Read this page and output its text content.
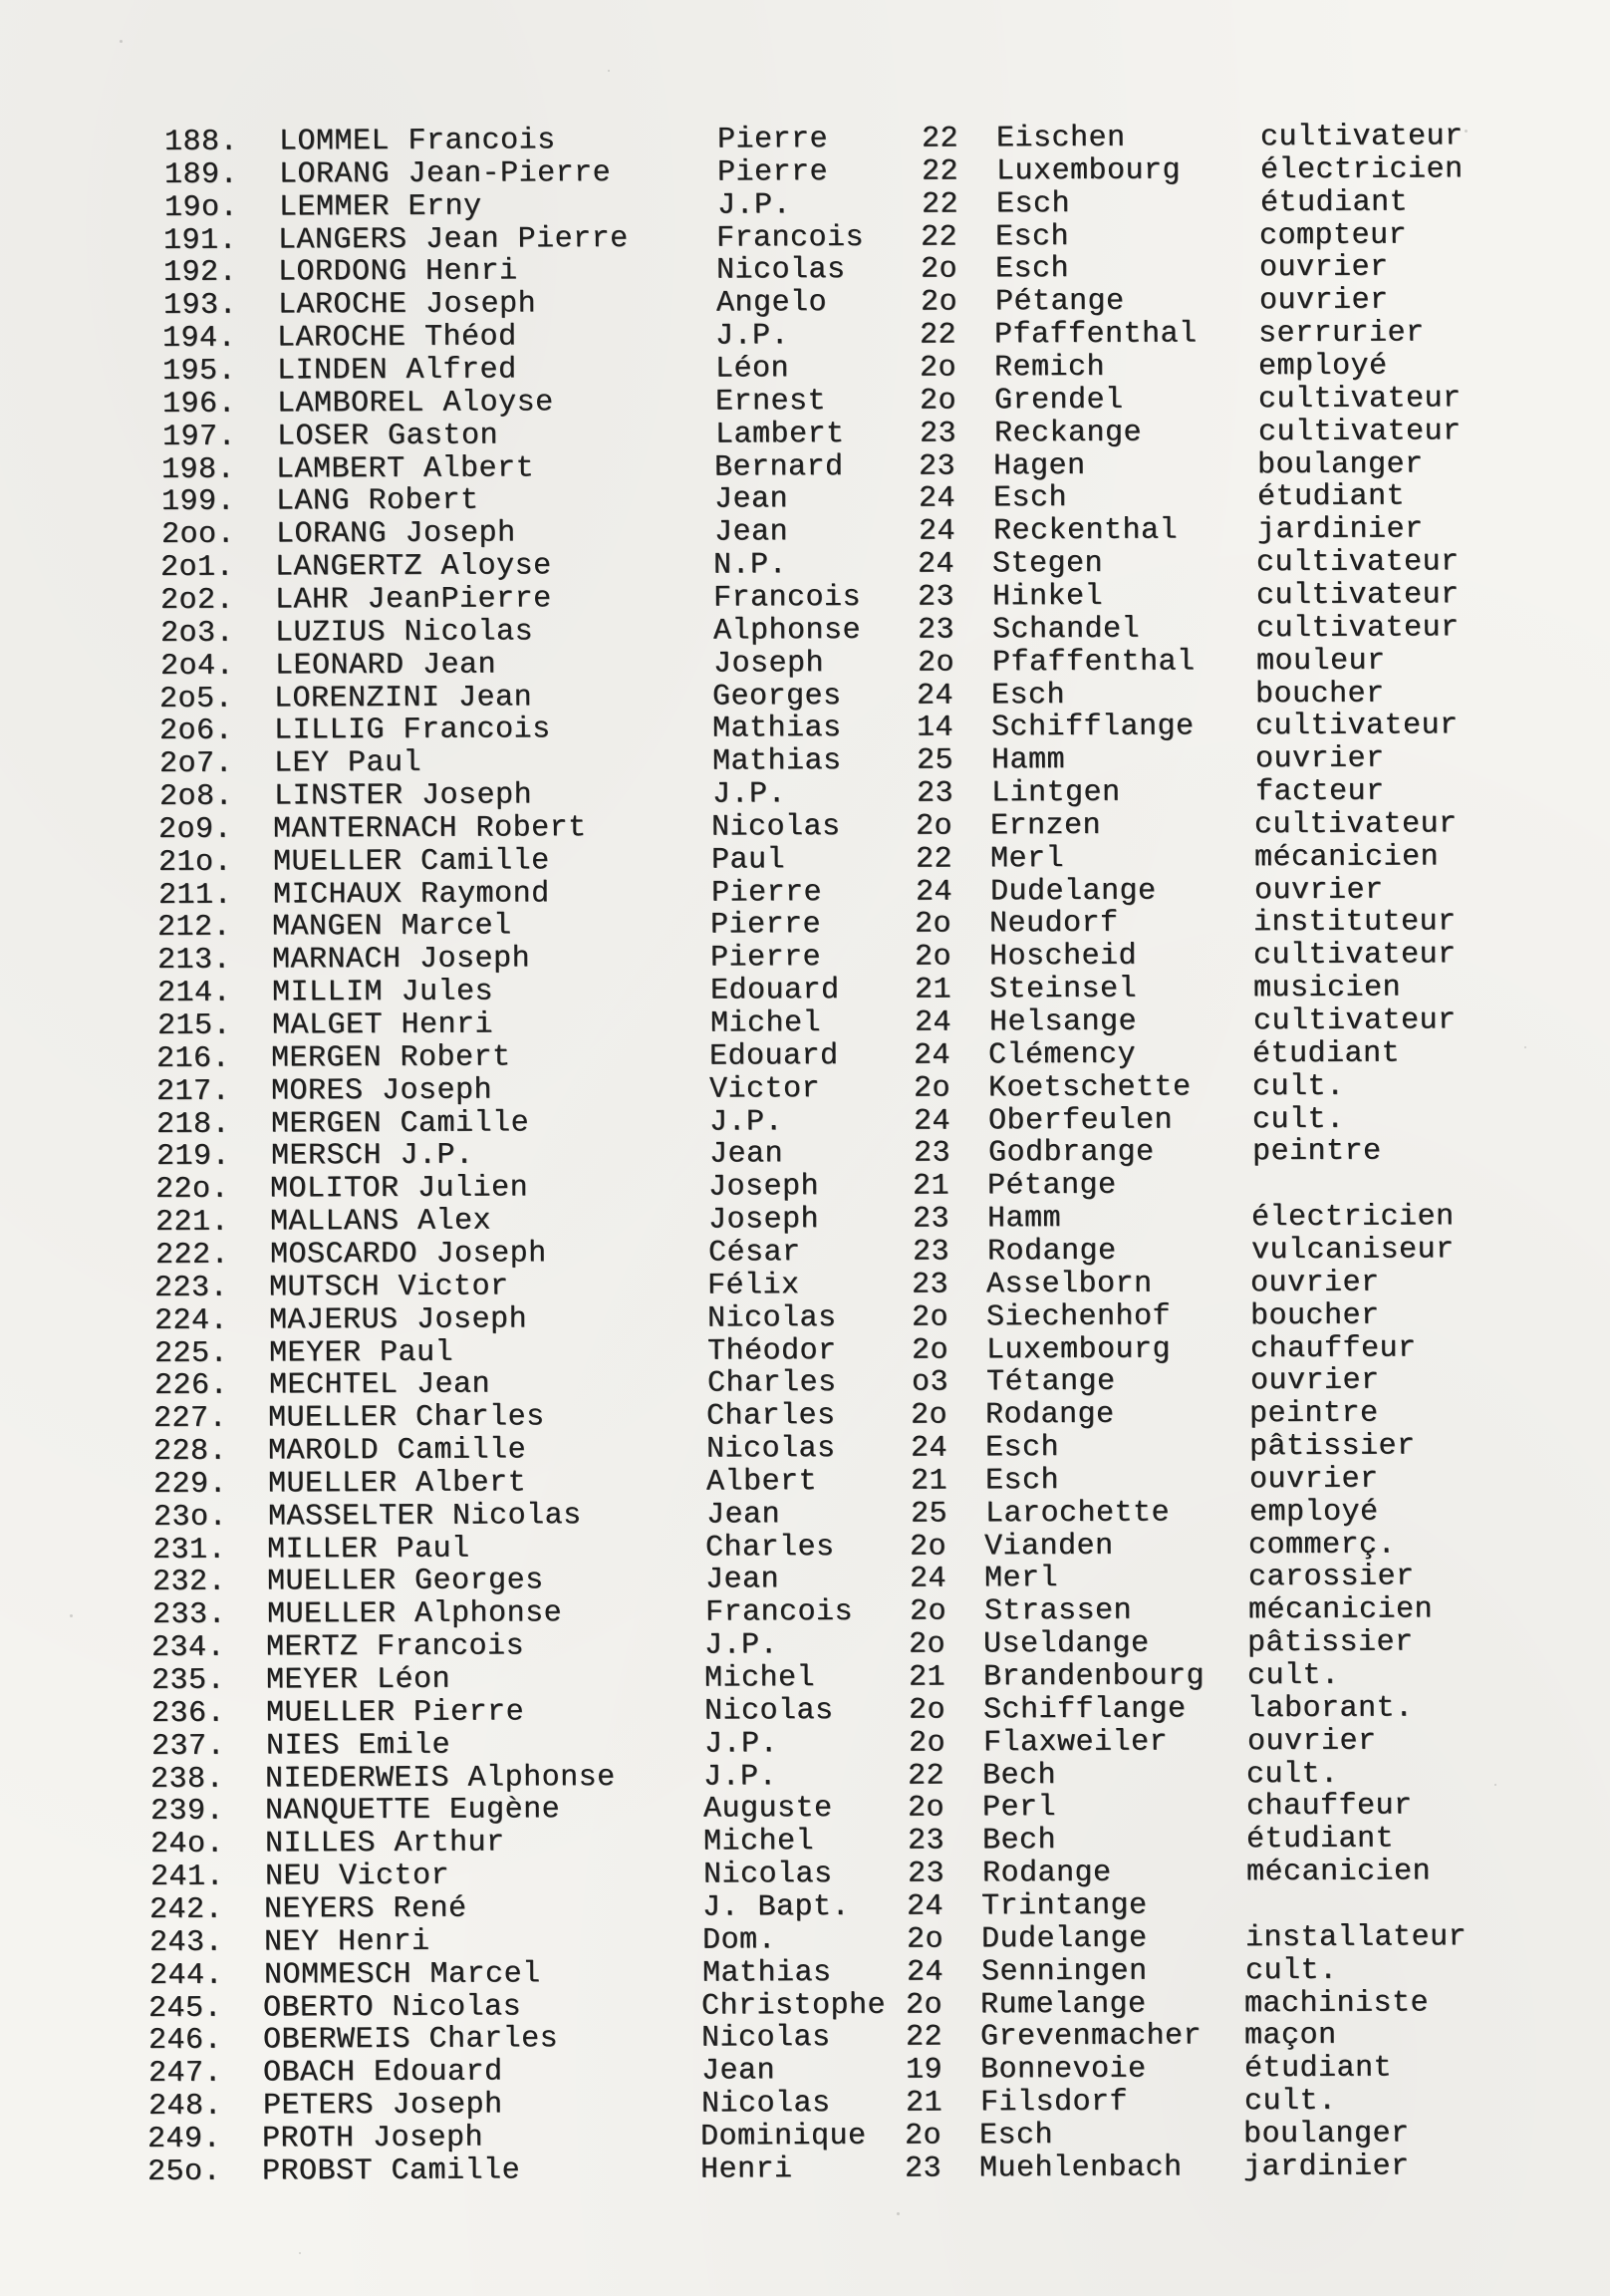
188. LOMMEL Francois	Pierre	22 Eischen	cultivateur
189. LORANG Jean-Pierre	Pierre	22 Luxembourg	électricien
19o. LEMMER Erny	J.P.	22 Esch	étudiant
191. LANGERS Jean Pierre	Francois 22 Esch	compteur
192. LORDONG Henri	Nicolas	2o Esch	ouvrier
193. LAROCHE Joseph	Angelo	2o Pétange	ouvrier
194. LAROCHE Théod	J.P.	22 Pfaffenthal serrurier
195. LINDEN Alfred	Léon	2o Remich	employé
196. LAMBOREL Aloyse	Ernest	2o Grendel	cultivateur
197. LOSER Gaston	Lambert	23 Reckange	cultivateur
198. LAMBERT Albert	Bernard	23 Hagen	boulanger
199. LANG Robert	Jean	24 Esch	étudiant
2oo. LORANG Joseph	Jean	24 Reckenthal	jardinier
2o1. LANGERTZ Aloyse	N.P.	24 Stegen	cultivateur
2o2. LAHR JeanPierre	Francois 23 Hinkel	cultivateur
2o3. LUZIUS Nicolas	Alphonse 23 Schandel	cultivateur
2o4. LEONARD Jean	Joseph	2o Pfaffenthal mouleur
2o5. LORENZINI Jean	Georges	24 Esch	boucher
2o6. LILLIG Francois	Mathias	14 Schifflange cultivateur
2o7. LEY Paul	Mathias	25 Hamm	ouvrier
2o8. LINSTER Joseph	J.P.	23 Lintgen	facteur
2o9. MANTERNACH Robert	Nicolas	2o Ernzen	cultivateur
21o. MUELLER Camille	Paul	22 Merl	mécanicien
211. MICHAUX Raymond	Pierre	24 Dudelange	ouvrier
212. MANGEN Marcel	Pierre	2o Neudorf	instituteur
213. MARNACH Joseph	Pierre	2o Hoscheid	cultivateur
214. MILLIM Jules	Edouard	21 Steinsel	musicien
215. MALGET Henri	Michel	24 Helsange	cultivateur
216. MERGEN Robert	Edouard	24 Clémency	étudiant
217. MORES Joseph	Victor	2o Koetschette cult.
218. MERGEN Camille	J.P.	24 Oberfeulen	cult.
219. MERSCH J.P.	Jean	23 Godbrange	peintre
22o. MOLITOR Julien	Joseph	21 Pétange
221. MALLANS Alex	Joseph	23 Hamm	électricien
222. MOSCARDO Joseph	César	23 Rodange	vulcaniseur
223. MUTSCH Victor	Félix	23 Asselborn	ouvrier
224. MAJERUS Joseph	Nicolas	2o Siechenhof	boucher
225. MEYER Paul	Théodor	2o Luxembourg	chauffeur
226. MECHTEL Jean	Charles	o3 Tétange	ouvrier
227. MUELLER Charles	Charles	2o Rodange	peintre
228. MAROLD Camille	Nicolas	24 Esch	pâtissier
229. MUELLER Albert	Albert	21 Esch	ouvrier
23o. MASSELTER Nicolas	Jean	25 Larochette	employé
231. MILLER Paul	Charles	2o Vianden	commerç.
232. MUELLER Georges	Jean	24 Merl	carossier
233. MUELLER Alphonse	Francois 2o Strassen	mécanicien
234. MERTZ Francois	J.P.	2o Useldange	pâtissier
235. MEYER Léon	Michel	21 Brandenbourg cult.
236. MUELLER Pierre	Nicolas	2o Schifflange laborant.
237. NIES Emile	J.P.	2o Flaxweiler	ouvrier
238. NIEDERWEIS Alphonse	J.P.	22 Bech	cult.
239. NANQUETTE Eugène	Auguste	2o Perl	chauffeur
24o. NILLES Arthur	Michel	23 Bech	étudiant
241. NEU Victor	Nicolas	23 Rodange	mécanicien
242. NEYERS René	J. Bapt. 24 Trintange
243. NEY Henri	Dom.	2o Dudelange	installateur
244. NOMMESCH Marcel	Mathias	24 Senningen	cult.
245. OBERTO Nicolas	Christophe 2o Rumelange	machiniste
246. OBERWEIS Charles	Nicolas	22 Grevenmacher maçon
247. OBACH Edouard	Jean	19 Bonnevoie	étudiant
248. PETERS Joseph	Nicolas	21 Filsdorf	cult.
249. PROTH Joseph	Dominique 2o Esch	boulanger
25o. PROBST Camille	Henri	23 Muehlenbach jardinier
